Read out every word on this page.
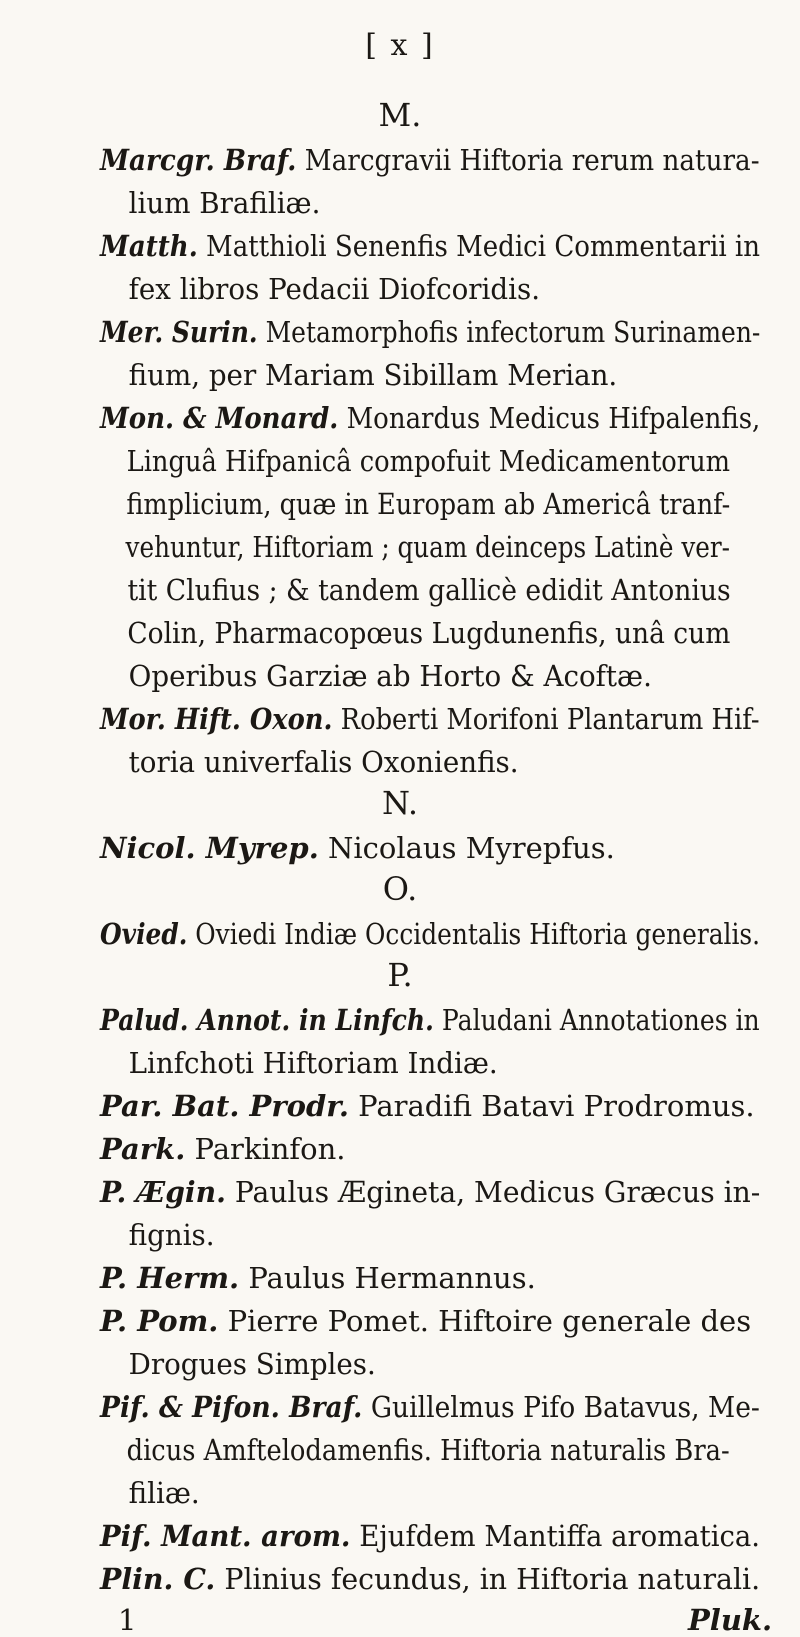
[ x ]
M.
Marcgr. Braf. Marcgravii Hiftoria rerum natura-
lium Brafiliæ.
Matth. Matthioli Senenfis Medici Commentarii in
fex libros Pedacii Diofcoridis.
Mer. Surin. Metamorphofis infectorum Surinamen-
fium, per Mariam Sibillam Merian.
Mon. & Monard. Monardus Medicus Hifpalenfis,
Linguâ Hifpanicâ compofuit Medicamentorum
fimplicium, quæ in Europam ab Americâ tranf-
vehuntur, Hiftoriam ; quam deinceps Latinè ver-
tit Clufius ; & tandem gallicè edidit Antonius
Colin, Pharmacopœus Lugdunenfis, unâ cum
Operibus Garziæ ab Horto & Acoftæ.
Mor. Hift. Oxon. Roberti Morifoni Plantarum Hif-
toria univerfalis Oxonienfis.
N.
Nicol. Myrep. Nicolaus Myrepfus.
O.
Ovied. Oviedi Indiæ Occidentalis Hiftoria generalis.
P.
Palud. Annot. in Linfch. Paludani Annotationes in
Linfchoti Hiftoriam Indiæ.
Par. Bat. Prodr. Paradifi Batavi Prodromus.
Park. Parkinfon.
P. Ægin. Paulus Ægineta, Medicus Græcus in-
fignis.
P. Herm. Paulus Hermannus.
P. Pom. Pierre Pomet. Hiftoire generale des
Drogues Simples.
Pif. & Pifon. Braf. Guillelmus Pifo Batavus, Me-
dicus Amftelodamenfis. Hiftoria naturalis Bra-
filiæ.
Pif. Mant. arom. Ejufdem Mantiffa aromatica.
Plin. C. Plinius fecundus, in Hiftoria naturali.
1	Pluk.
